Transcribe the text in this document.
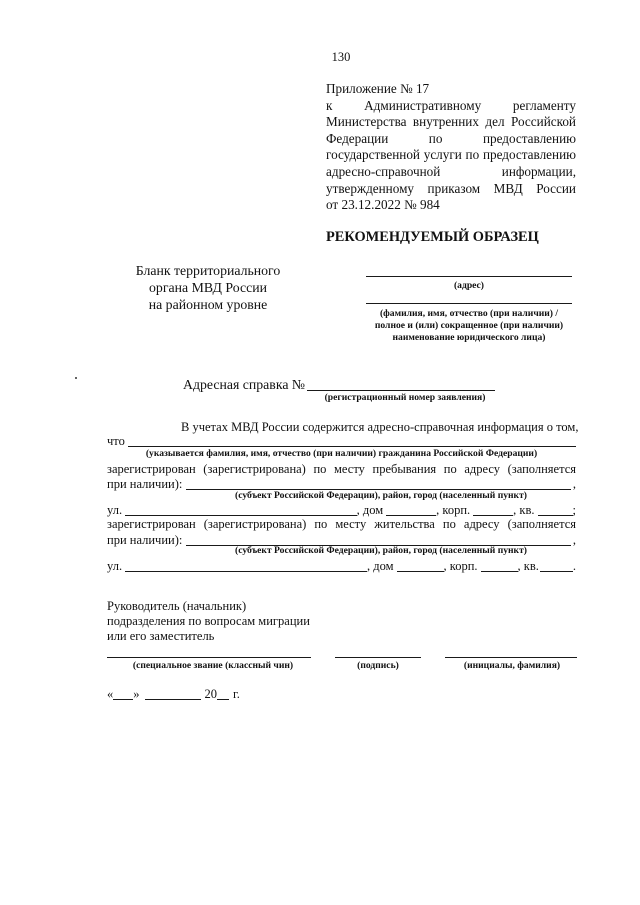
130
Приложение № 17
к Административному регламенту
Министерства внутренних дел Российской
Федерации по предоставлению
государственной услуги по предоставлению
адресно-справочной информации,
утвержденному приказом МВД России
от 23.12.2022 № 984
РЕКОМЕНДУЕМЫЙ ОБРАЗЕЦ
Бланк территориального
органа МВД России
на районном уровне
(адрес)
(фамилия, имя, отчество (при наличии) /
полное и (или) сокращенное (при наличии)
наименование юридического лица)
Адресная справка №
(регистрационный номер заявления)
В учетах МВД России содержится адресно-справочная информация о том,
что
(указывается фамилия, имя, отчество (при наличии) гражданина Российской Федерации)
зарегистрирован (зарегистрирована) по месту пребывания по адресу (заполняется
при наличии):	,
(субъект Российской Федерации), район, город (населенный пункт)
ул.	, дом	, корп.	, кв.	;
зарегистрирован (зарегистрирована) по месту жительства по адресу (заполняется
при наличии):	,
(субъект Российской Федерации), район, город (населенный пункт)
ул.	, дом	, корп.	, кв.	.
Руководитель (начальник)
подразделения по вопросам миграции
или его заместитель
(специальное звание (классный чин)	(подпись)	(инициалы, фамилия)
« »	20 г.
